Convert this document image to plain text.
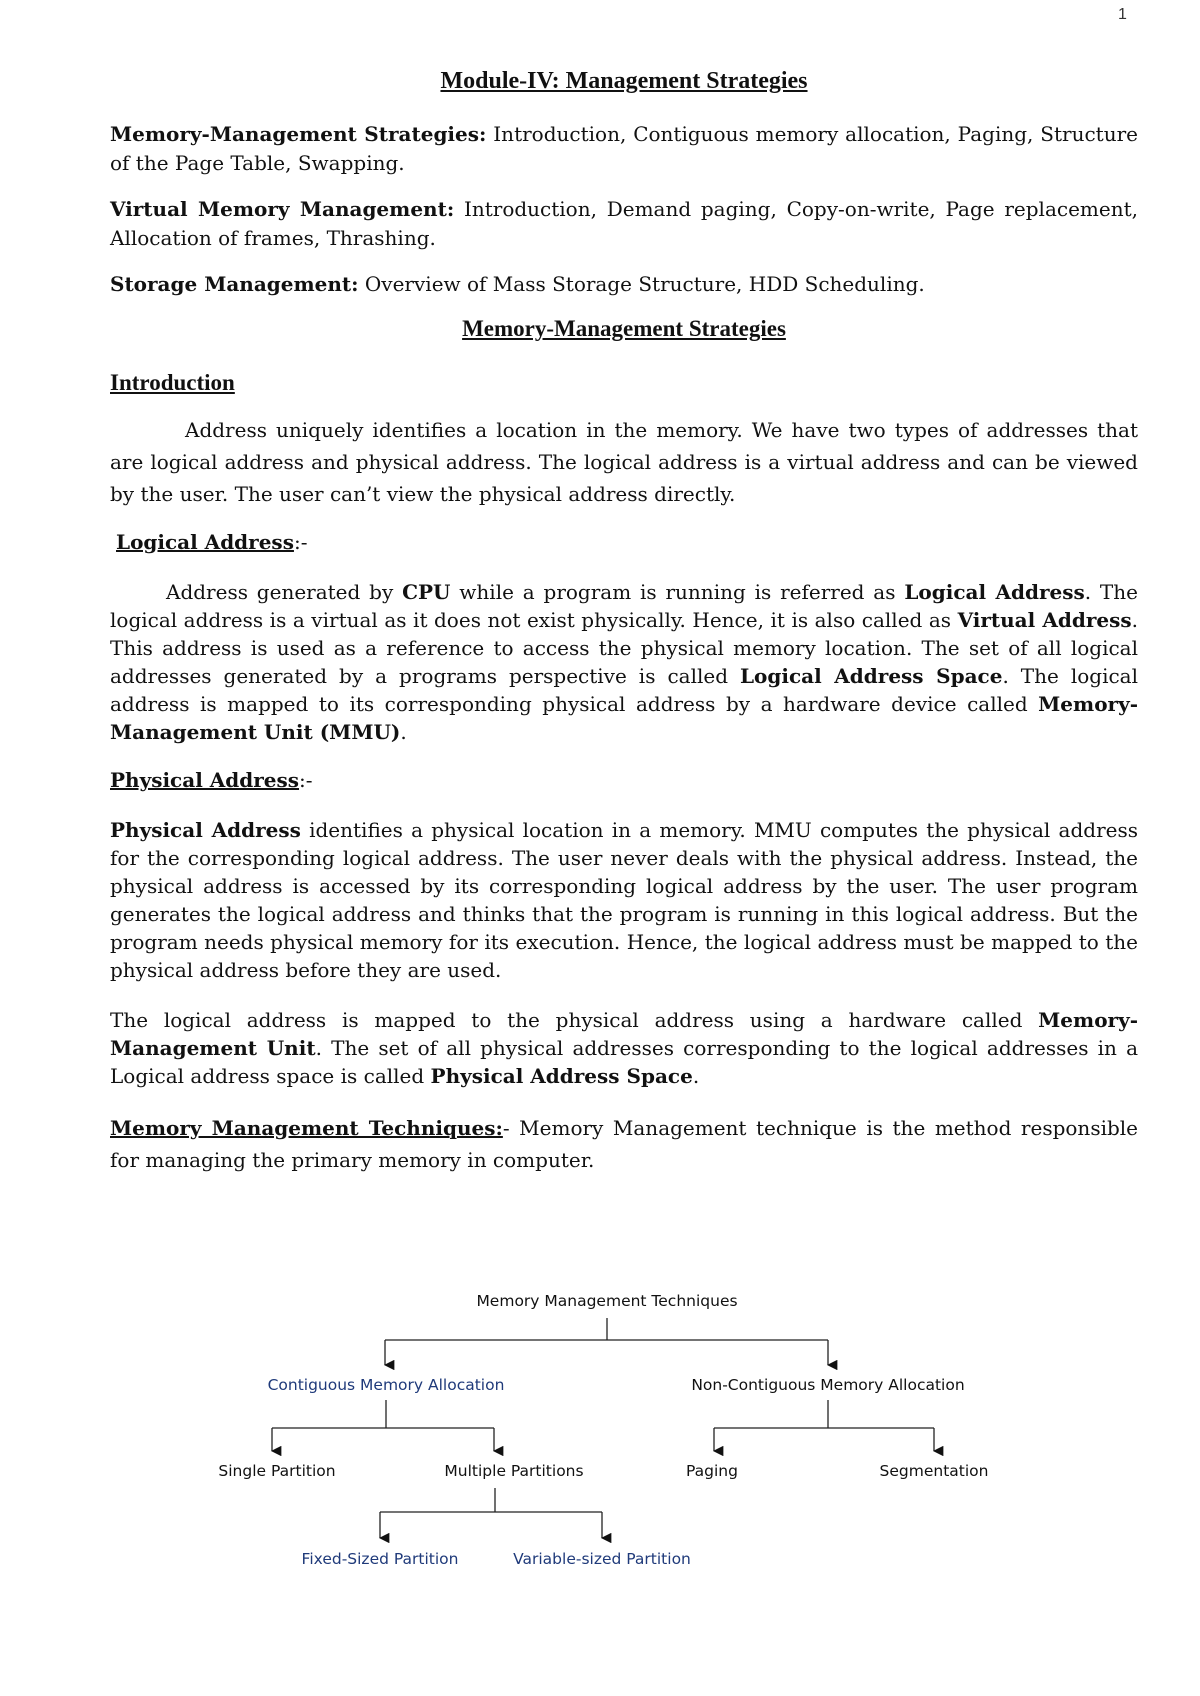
1
Module-IV: Management Strategies

Memory-Management Strategies: Introduction, Contiguous memory allocation, Paging, Structure of the Page Table, Swapping.

Virtual Memory Management: Introduction, Demand paging, Copy-on-write, Page replacement, Allocation of frames, Thrashing.

Storage Management: Overview of Mass Storage Structure, HDD Scheduling.

Memory-Management Strategies
Introduction

Address uniquely identifies a location in the memory. We have two types of addresses that are logical address and physical address. The logical address is a virtual address and can be viewed by the user. The user can’t view the physical address directly.

Logical Address:-

Address generated by CPU while a program is running is referred as Logical Address. The logical address is a virtual as it does not exist physically. Hence, it is also called as Virtual Address. This address is used as a reference to access the physical memory location. The set of all logical addresses generated by a programs perspective is called Logical Address Space. The logical address is mapped to its corresponding physical address by a hardware device called Memory-Management Unit (MMU).

Physical Address:-

Physical Address identifies a physical location in a memory. MMU computes the physical address for the corresponding logical address. The user never deals with the physical address. Instead, the physical address is accessed by its corresponding logical address by the user. The user program generates the logical address and thinks that the program is running in this logical address. But the program needs physical memory for its execution. Hence, the logical address must be mapped to the physical address before they are used.

The logical address is mapped to the physical address using a hardware called Memory-Management Unit. The set of all physical addresses corresponding to the logical addresses in a Logical address space is called Physical Address Space.

Memory Management Techniques:- Memory Management technique is the method responsible for managing the primary memory in computer.

Memory Management Techniques
Contiguous Memory Allocation	Non-Contiguous Memory Allocation
Single Partition	Multiple Partitions	Paging	Segmentation
Fixed-Sized Partition	Variable-sized Partition
